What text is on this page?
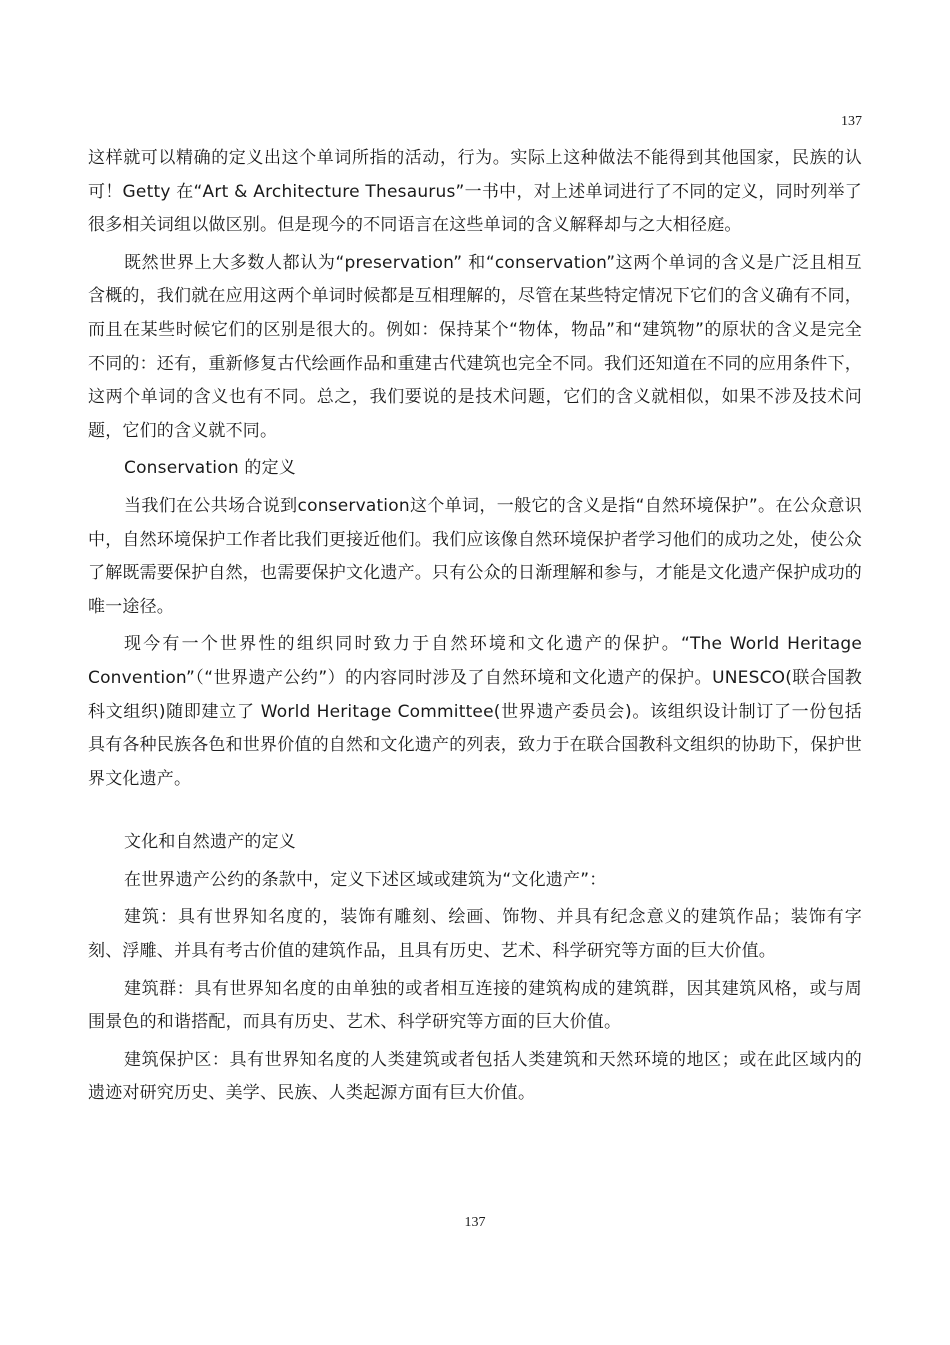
137

这样就可以精确的定义出这个单词所指的活动，行为。实际上这种做法不能得到其他国家，民族的认可！Getty 在“Art & Architecture Thesaurus”一书中，对上述单词进行了不同的定义，同时列举了很多相关词组以做区别。但是现今的不同语言在这些单词的含义解释却与之大相径庭。

既然世界上大多数人都认为“preservation” 和“conservation”这两个单词的含义是广泛且相互含概的，我们就在应用这两个单词时候都是互相理解的，尽管在某些特定情况下它们的含义确有不同，而且在某些时候它们的区别是很大的。例如：保持某个“物体，物品”和“建筑物”的原状的含义是完全不同的：还有，重新修复古代绘画作品和重建古代建筑也完全不同。我们还知道在不同的应用条件下，这两个单词的含义也有不同。总之，我们要说的是技术问题，它们的含义就相似，如果不涉及技术问题，它们的含义就不同。

Conservation 的定义

当我们在公共场合说到conservation这个单词，一般它的含义是指“自然环境保护”。在公众意识中，自然环境保护工作者比我们更接近他们。我们应该像自然环境保护者学习他们的成功之处，使公众了解既需要保护自然，也需要保护文化遗产。只有公众的日渐理解和参与，才能是文化遗产保护成功的唯一途径。

现今有一个世界性的组织同时致力于自然环境和文化遗产的保护。“The World Heritage Convention”（“世界遗产公约”）的内容同时涉及了自然环境和文化遗产的保护。UNESCO(联合国教科文组织)随即建立了 World Heritage Committee(世界遗产委员会)。该组织设计制订了一份包括具有各种民族各色和世界价值的自然和文化遗产的列表，致力于在联合国教科文组织的协助下，保护世界文化遗产。

文化和自然遗产的定义

在世界遗产公约的条款中，定义下述区域或建筑为“文化遗产”：

建筑：具有世界知名度的，装饰有雕刻、绘画、饰物、并具有纪念意义的建筑作品；装饰有字刻、浮雕、并具有考古价值的建筑作品，且具有历史、艺术、科学研究等方面的巨大价值。

建筑群：具有世界知名度的由单独的或者相互连接的建筑构成的建筑群，因其建筑风格，或与周围景色的和谐搭配，而具有历史、艺术、科学研究等方面的巨大价值。

建筑保护区：具有世界知名度的人类建筑或者包括人类建筑和天然环境的地区；或在此区域内的遗迹对研究历史、美学、民族、人类起源方面有巨大价值。

137
